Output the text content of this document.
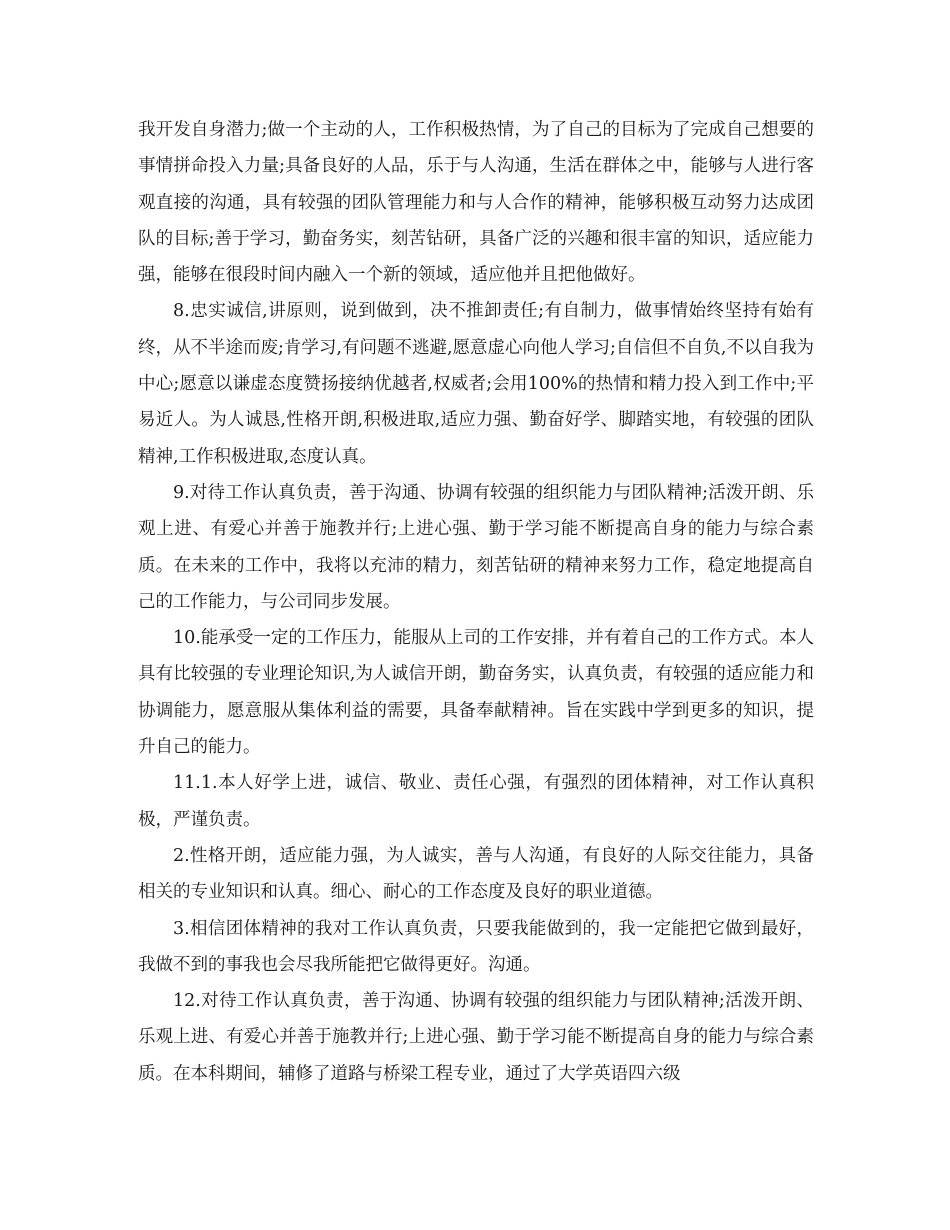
我开发自身潜力;做一个主动的人，工作积极热情，为了自己的目标为了完成自己想要的事情拼命投入力量;具备良好的人品，乐于与人沟通，生活在群体之中，能够与人进行客观直接的沟通，具有较强的团队管理能力和与人合作的精神，能够积极互动努力达成团队的目标;善于学习，勤奋务实，刻苦钻研，具备广泛的兴趣和很丰富的知识，适应能力强，能够在很段时间内融入一个新的领域，适应他并且把他做好。

8.忠实诚信,讲原则，说到做到，决不推卸责任;有自制力，做事情始终坚持有始有终，从不半途而废;肯学习,有问题不逃避,愿意虚心向他人学习;自信但不自负,不以自我为中心;愿意以谦虚态度赞扬接纳优越者,权威者;会用100%的热情和精力投入到工作中;平易近人。为人诚恳,性格开朗,积极进取,适应力强、勤奋好学、脚踏实地，有较强的团队精神,工作积极进取,态度认真。

9.对待工作认真负责，善于沟通、协调有较强的组织能力与团队精神;活泼开朗、乐观上进、有爱心并善于施教并行;上进心强、勤于学习能不断提高自身的能力与综合素质。在未来的工作中，我将以充沛的精力，刻苦钻研的精神来努力工作，稳定地提高自己的工作能力，与公司同步发展。

10.能承受一定的工作压力，能服从上司的工作安排，并有着自己的工作方式。本人具有比较强的专业理论知识,为人诚信开朗，勤奋务实，认真负责，有较强的适应能力和协调能力，愿意服从集体利益的需要，具备奉献精神。旨在实践中学到更多的知识，提升自己的能力。

11.1.本人好学上进，诚信、敬业、责任心强，有强烈的团体精神，对工作认真积极，严谨负责。

2.性格开朗，适应能力强，为人诚实，善与人沟通，有良好的人际交往能力，具备相关的专业知识和认真。细心、耐心的工作态度及良好的职业道德。

3.相信团体精神的我对工作认真负责，只要我能做到的，我一定能把它做到最好，我做不到的事我也会尽我所能把它做得更好。沟通。

12.对待工作认真负责，善于沟通、协调有较强的组织能力与团队精神;活泼开朗、乐观上进、有爱心并善于施教并行;上进心强、勤于学习能不断提高自身的能力与综合素质。在本科期间，辅修了道路与桥梁工程专业，通过了大学英语四六级
